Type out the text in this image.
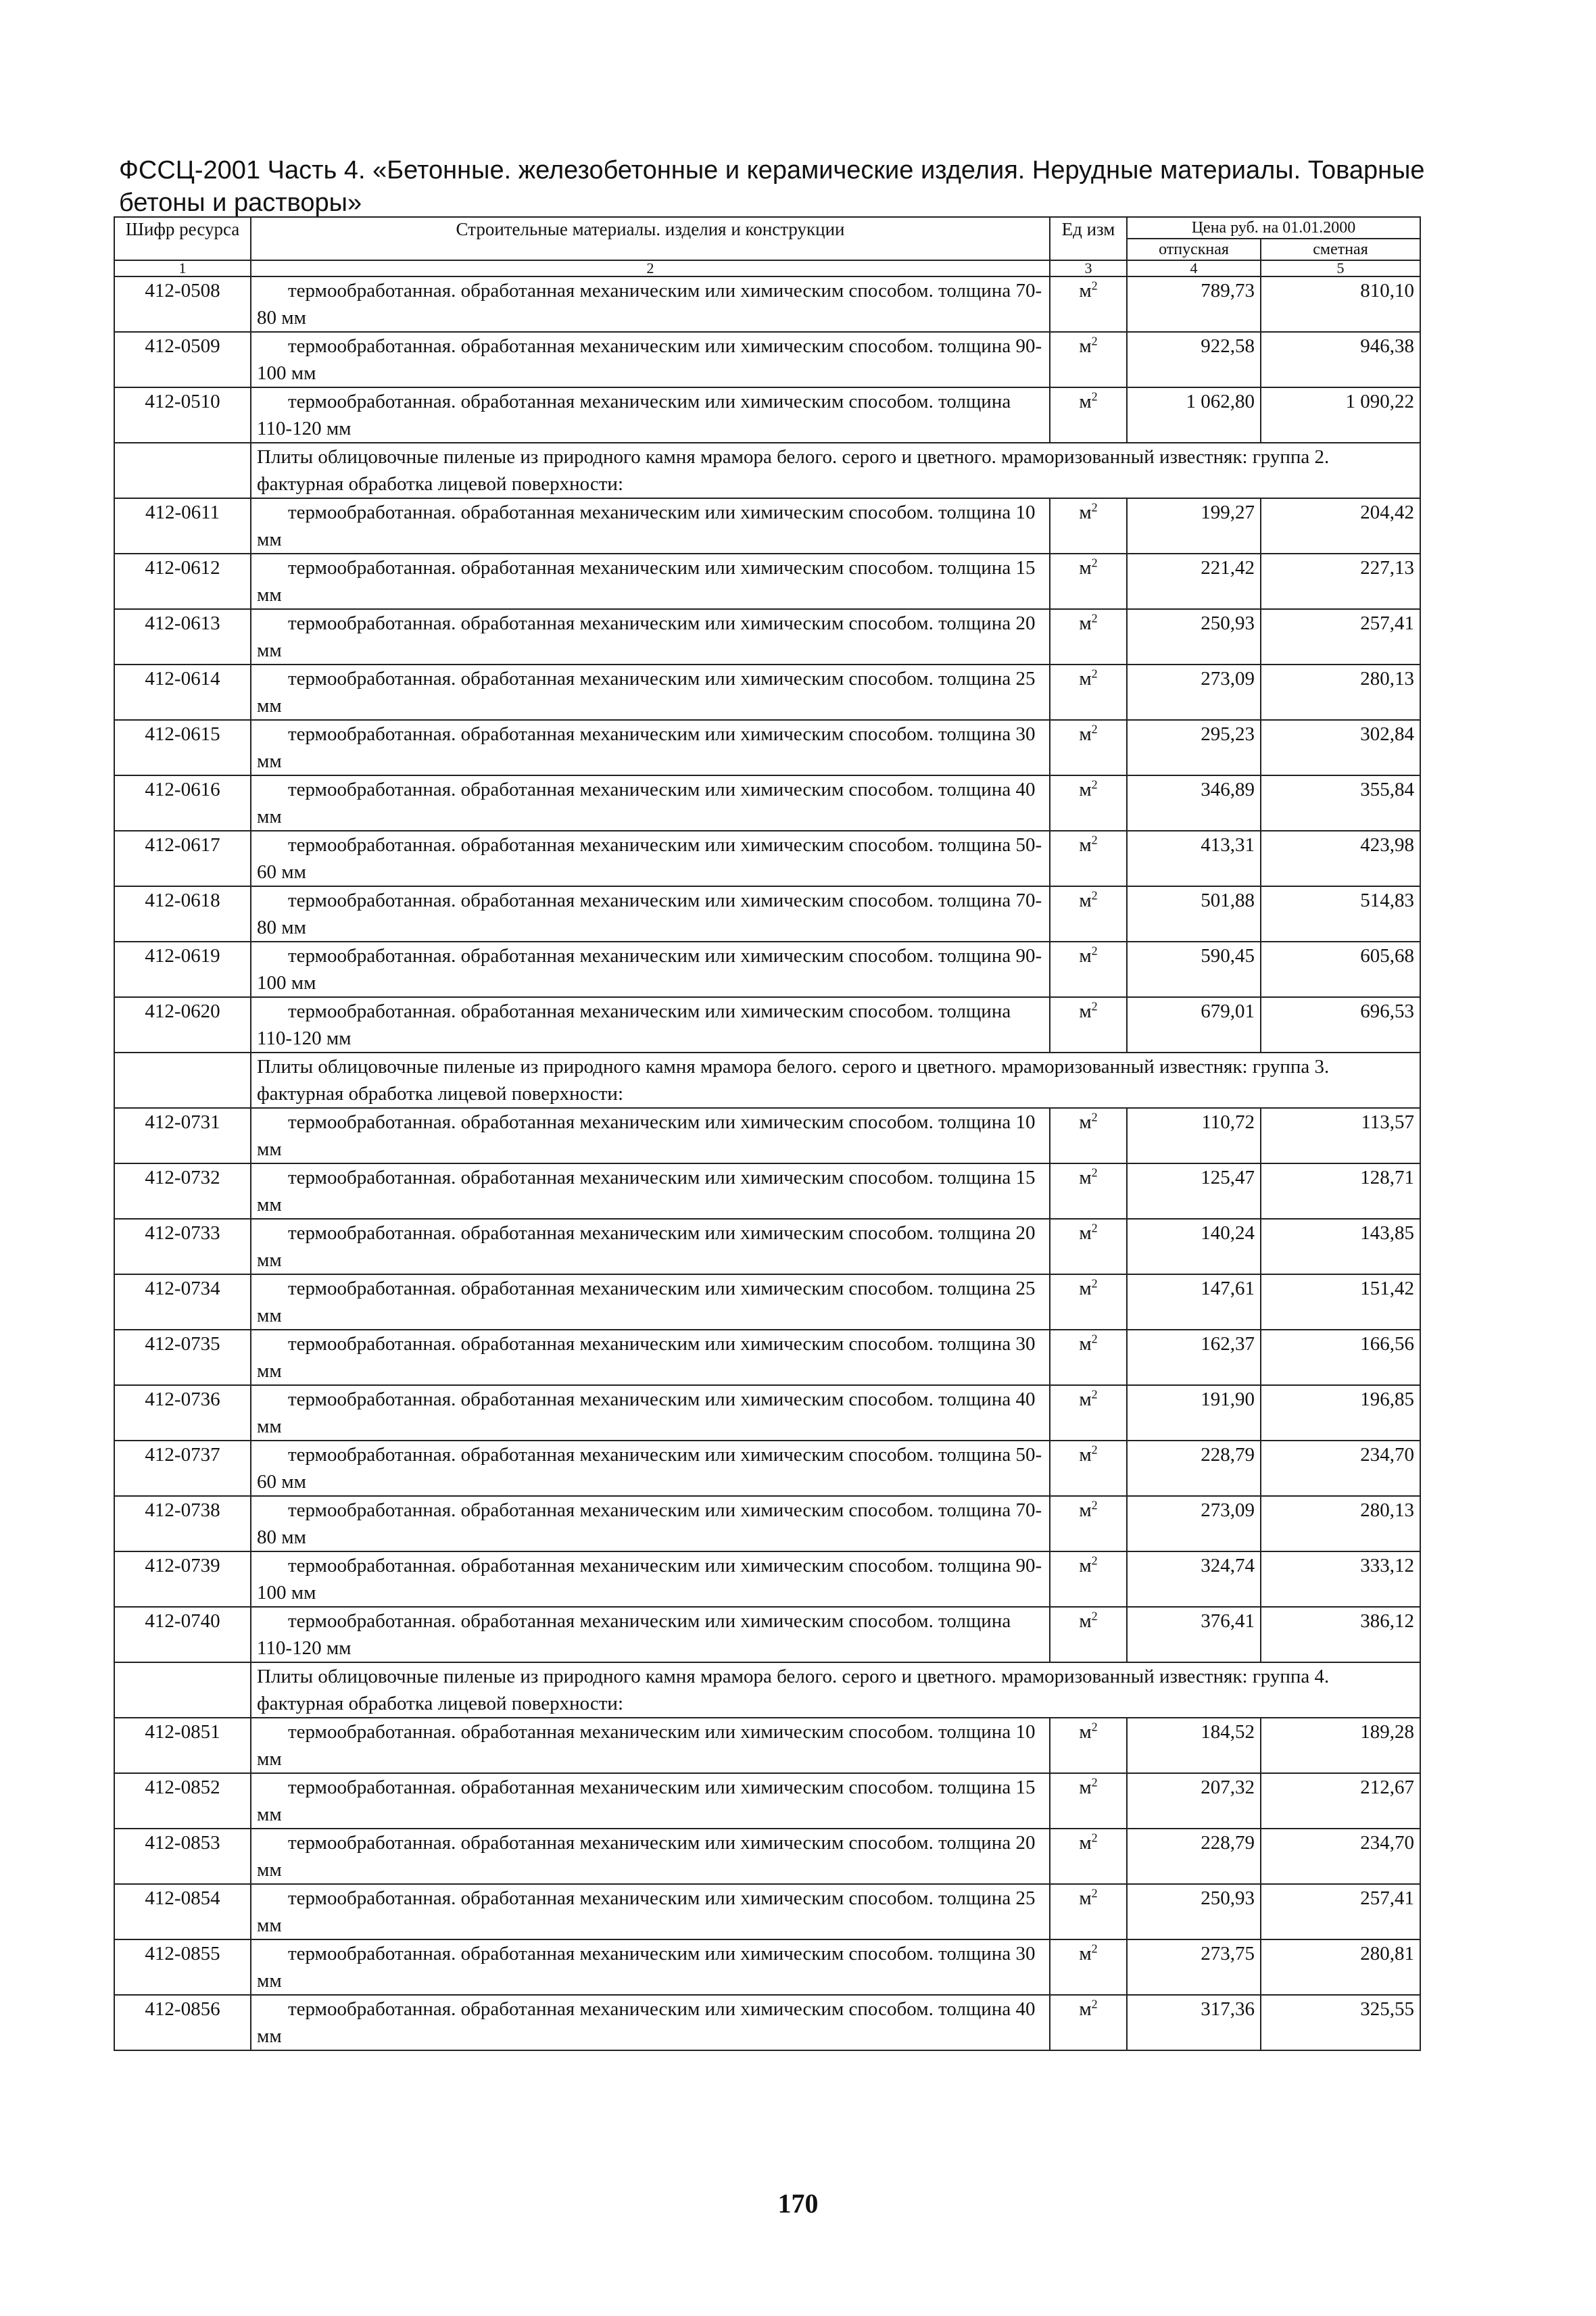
ФССЦ-2001 Часть 4. «Бетонные. железобетонные и керамические изделия. Нерудные материалы. Товарные бетоны и растворы»
Шифр ресурса	Строительные материалы. изделия и конструкции	Ед изм	Цена руб. на 01.01.2000	
			отпускная	сметная
1	2	3	4	5
412-0508	термообработанная. обработанная механическим или химическим способом. толщина 70-80 мм	$м^2$	789,73	810,10
412-0509	термообработанная. обработанная механическим или химическим способом. толщина 90-100 мм	$м^2$	922,58	946,38
412-0510	термообработанная. обработанная механическим или химическим способом. толщина 110-120 мм	$м^2$	1 062,80	1 090,22
	Плиты облицовочные пиленые из природного камня мрамора белого. серого и цветного. мраморизованный известняк: группа 2. фактурная обработка лицевой поверхности:			
412-0611	термообработанная. обработанная механическим или химическим способом. толщина 10 мм	$м^2$	199,27	204,42
412-0612	термообработанная. обработанная механическим или химическим способом. толщина 15 мм	$м^2$	221,42	227,13
412-0613	термообработанная. обработанная механическим или химическим способом. толщина 20 мм	$м^2$	250,93	257,41
412-0614	термообработанная. обработанная механическим или химическим способом. толщина 25 мм	$м^2$	273,09	280,13
412-0615	термообработанная. обработанная механическим или химическим способом. толщина 30 мм	$м^2$	295,23	302,84
412-0616	термообработанная. обработанная механическим или химическим способом. толщина 40 мм	$м^2$	346,89	355,84
412-0617	термообработанная. обработанная механическим или химическим способом. толщина 50-60 мм	$м^2$	413,31	423,98
412-0618	термообработанная. обработанная механическим или химическим способом. толщина 70-80 мм	$м^2$	501,88	514,83
412-0619	термообработанная. обработанная механическим или химическим способом. толщина 90-100 мм	$м^2$	590,45	605,68
412-0620	термообработанная. обработанная механическим или химическим способом. толщина 110-120 мм	$м^2$	679,01	696,53
	Плиты облицовочные пиленые из природного камня мрамора белого. серого и цветного. мраморизованный известняк: группа 3. фактурная обработка лицевой поверхности:			
412-0731	термообработанная. обработанная механическим или химическим способом. толщина 10 мм	$м^2$	110,72	113,57
412-0732	термообработанная. обработанная механическим или химическим способом. толщина 15 мм	$м^2$	125,47	128,71
412-0733	термообработанная. обработанная механическим или химическим способом. толщина 20 мм	$м^2$	140,24	143,85
412-0734	термообработанная. обработанная механическим или химическим способом. толщина 25 мм	$м^2$	147,61	151,42
412-0735	термообработанная. обработанная механическим или химическим способом. толщина 30 мм	$м^2$	162,37	166,56
412-0736	термообработанная. обработанная механическим или химическим способом. толщина 40 мм	$м^2$	191,90	196,85
412-0737	термообработанная. обработанная механическим или химическим способом. толщина 50-60 мм	$м^2$	228,79	234,70
412-0738	термообработанная. обработанная механическим или химическим способом. толщина 70-80 мм	$м^2$	273,09	280,13
412-0739	термообработанная. обработанная механическим или химическим способом. толщина 90-100 мм	$м^2$	324,74	333,12
412-0740	термообработанная. обработанная механическим или химическим способом. толщина 110-120 мм	$м^2$	376,41	386,12
	Плиты облицовочные пиленые из природного камня мрамора белого. серого и цветного. мраморизованный известняк: группа 4. фактурная обработка лицевой поверхности:			
412-0851	термообработанная. обработанная механическим или химическим способом. толщина 10 мм	$м^2$	184,52	189,28
412-0852	термообработанная. обработанная механическим или химическим способом. толщина 15 мм	$м^2$	207,32	212,67
412-0853	термообработанная. обработанная механическим или химическим способом. толщина 20 мм	$м^2$	228,79	234,70
412-0854	термообработанная. обработанная механическим или химическим способом. толщина 25 мм	$м^2$	250,93	257,41
412-0855	термообработанная. обработанная механическим или химическим способом. толщина 30 мм	$м^2$	273,75	280,81
412-0856	термообработанная. обработанная механическим или химическим способом. толщина 40 мм	$м^2$	317,36	325,55
170
